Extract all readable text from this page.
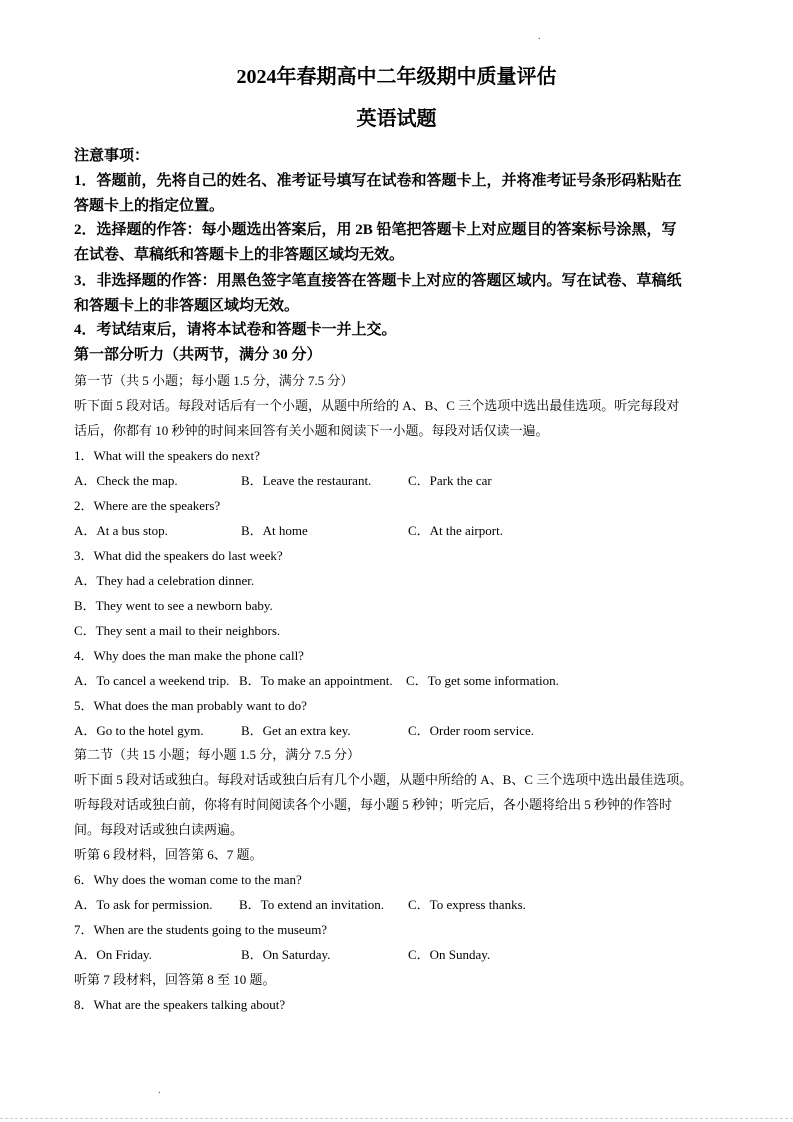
.
2024年春期高中二年级期中质量评估
英语试题
注意事项：
1．答题前，先将自己的姓名、准考证号填写在试卷和答题卡上，并将准考证号条形码粘贴在
答题卡上的指定位置。
2．选择题的作答：每小题选出答案后，用 2B 铅笔把答题卡上对应题目的答案标号涂黑，写
在试卷、草稿纸和答题卡上的非答题区域均无效。
3．非选择题的作答：用黑色签字笔直接答在答题卡上对应的答题区域内。写在试卷、草稿纸
和答题卡上的非答题区域均无效。
4．考试结束后，请将本试卷和答题卡一并上交。
第一部分听力（共两节，满分 30 分）
第一节（共 5 小题；每小题 1.5 分，满分 7.5 分）
听下面 5 段对话。每段对话后有一个小题，从题中所给的 A、B、C 三个选项中选出最佳选项。听完每段对
话后，你都有 10 秒钟的时间来回答有关小题和阅读下一小题。每段对话仅读一遍。
1．What will the speakers do next?
A．Check the map.	B．Leave the restaurant.	C．Park the car
2．Where are the speakers?
A．At a bus stop.	B．At home	C．At the airport.
3．What did the speakers do last week?
A．They had a celebration dinner.
B．They went to see a newborn baby.
C．They sent a mail to their neighbors.
4．Why does the man make the phone call?
A．To cancel a weekend trip. B．To make an appointment. C．To get some information.
5．What does the man probably want to do?
A．Go to the hotel gym.	B．Get an extra key.	C．Order room service.
第二节（共 15 小题；每小题 1.5 分，满分 7.5 分）
听下面 5 段对话或独白。每段对话或独白后有几个小题，从题中所给的 A、B、C 三个选项中选出最佳选项。
听每段对话或独白前，你将有时间阅读各个小题，每小题 5 秒钟；听完后，各小题将给出 5 秒钟的作答时
间。每段对话或独白读两遍。
听第 6 段材料，回答第 6、7 题。
6．Why does the woman come to the man?
A．To ask for permission. B．To extend an invitation. C．To express thanks.
7．When are the students going to the museum?
A．On Friday.	B．On Saturday.	C．On Sunday.
听第 7 段材料，回答第 8 至 10 题。
8．What are the speakers talking about?
.
